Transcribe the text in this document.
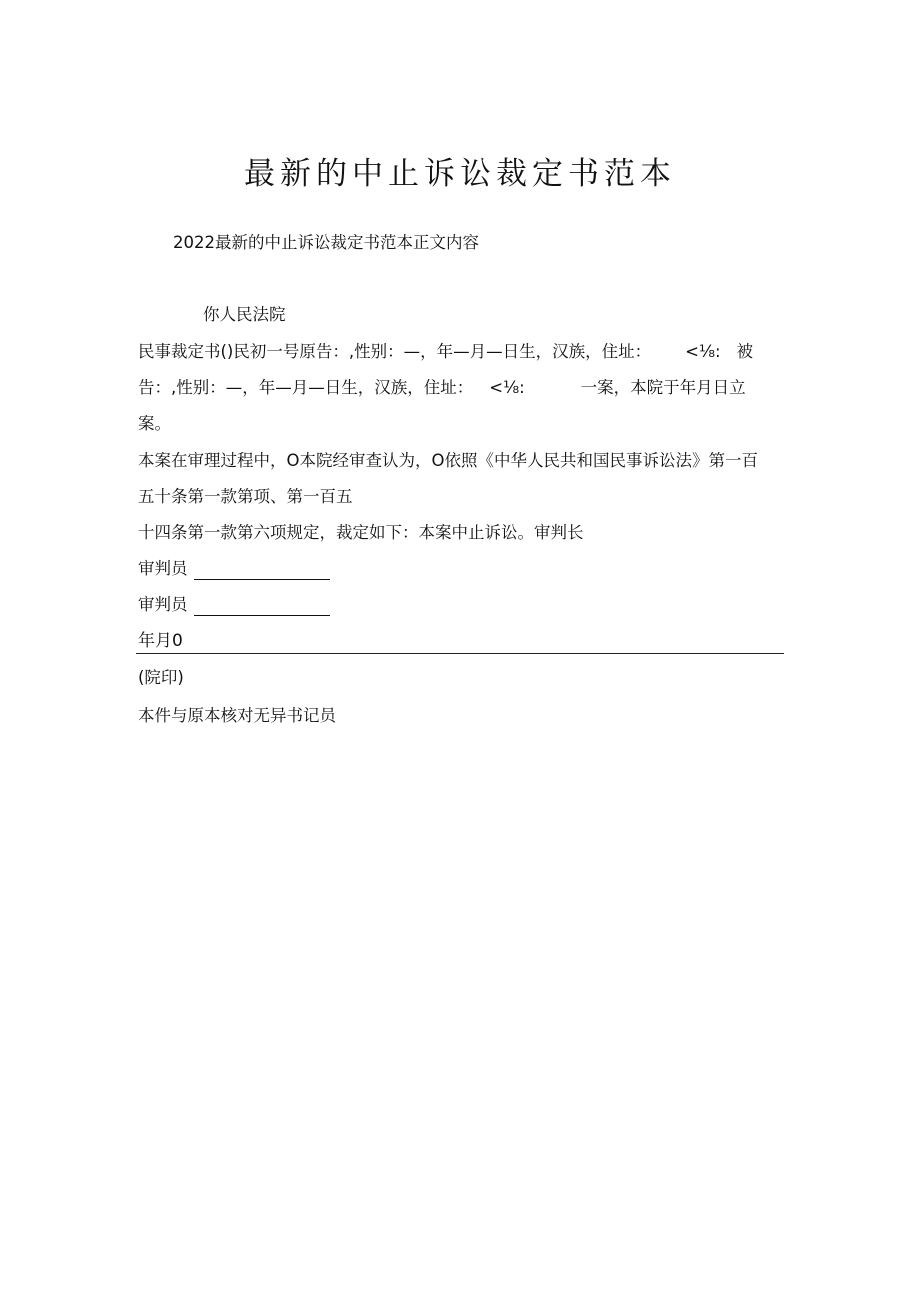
最新的中止诉讼裁定书范本
2022最新的中止诉讼裁定书范本正文内容
你人民法院
民事裁定书()民初一号原告：,性别：—，年—月—日生，汉族，住址： <⅛: 被
告：,性别：—，年—月—日生，汉族，住址： <⅛:	一案，本院于年月日立
案。
本案在审理过程中，O本院经审查认为，O依照《中华人民共和国民事诉讼法》第一百
五十条第一款第项、第一百五
十四条第一款第六项规定，裁定如下：本案中止诉讼。审判长
审判员
审判员
年月0
(院印)
本件与原本核对无异书记员
